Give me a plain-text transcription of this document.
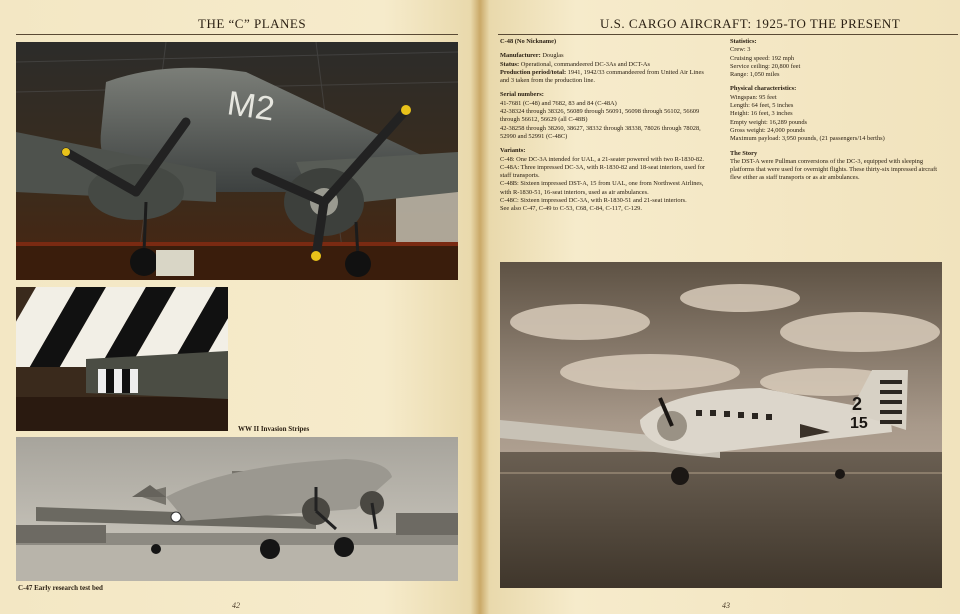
THE “C” PLANES
M2
WW II Invasion Stripes
C-47 Early research test bed
42
U.S. CARGO AIRCRAFT: 1925-TO THE PRESENT

C-48 (No Nickname)

Manufacturer: Douglas
Status: Operational, commandeered DC-3As and DCT-As

Production period/total: 1941, 1942/33 commandeered from United Air Lines and 3 taken from the production line.

Serial numbers:
41-7681 (C-48) and 7682, 83 and 84 (C-48A)
42-38324 through 38326, 56089 through 56091, 56098 through 56102, 56609 through 56612, 56629 (all C-48B)
42-38258 through 38260, 38627, 38332 through 38338, 78026 through 78028, 52990 and 52991 (C-48C)
Variants:
C-48: One DC-3A intended for UAL, a 21-seater powered with two R-1830-82.
C-48A: Three impressed DC-3A, with R-1830-82 and 18-seat interiors, used for staff transports.
C-48B: Sixteen impressed DST-A, 15 from UAL, one from Northwest Airlines, with R-1830-51, 16-seat interiors, used as air ambulances.
C-48C: Sixteen impressed DC-3A, with R-1830-51 and 21-seat interiors.
See also C-47, C-49 to C-53, C68, C-84, C-117, C-129.
Statistics:
Crew: 3
Cruising speed: 192 mph
Service ceiling: 20,800 feet
Range: 1,050 miles
Physical characteristics:
Wingspan: 95 feet
Length: 64 feet, 5 inches
Height: 16 feet, 3 inches
Empty weight: 16,289 pounds
Gross weight: 24,000 pounds
Maximum payload: 3,950 pounds, (21 passengers/14 berths)
The Story
The DST-A were Pullman conversions of the DC-3, equipped with sleeping platforms that were used for overnight flights. These thirty-six impressed aircraft flew either as staff transports or as air ambulances.
2
15
43
